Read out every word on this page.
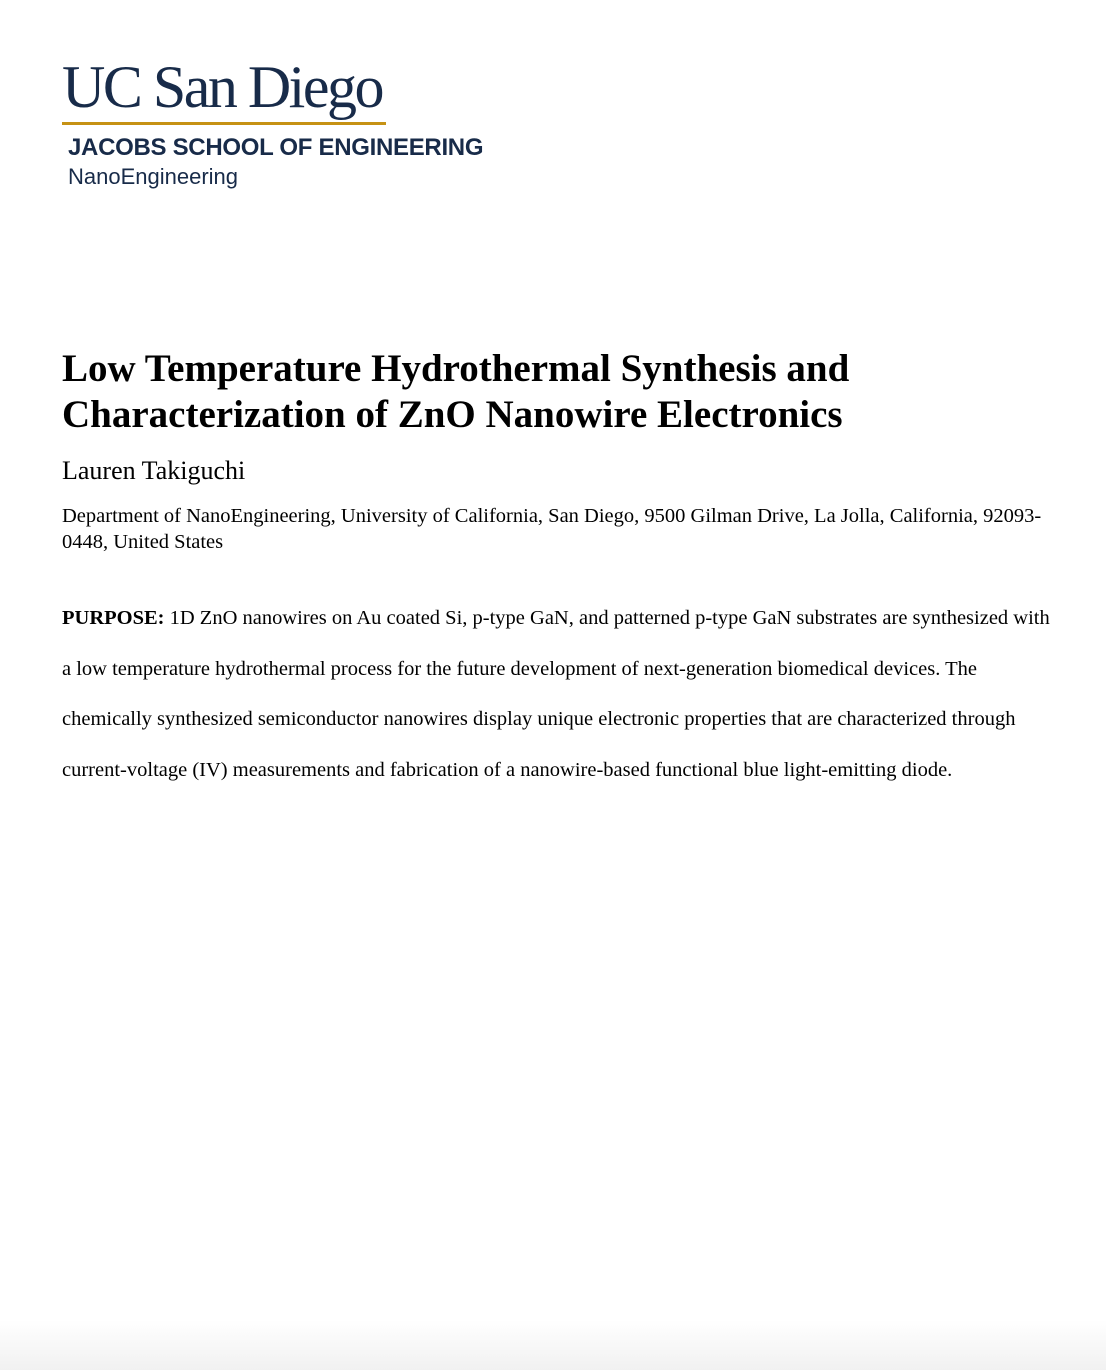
UC San Diego
JACOBS SCHOOL OF ENGINEERING
NanoEngineering
Low Temperature Hydrothermal Synthesis and Characterization of ZnO Nanowire Electronics
Lauren Takiguchi
Department of NanoEngineering, University of California, San Diego, 9500 Gilman Drive, La Jolla, California, 92093-0448, United States

PURPOSE: 1D ZnO nanowires on Au coated Si, p-type GaN, and patterned p-type GaN substrates are synthesized with a low temperature hydrothermal process for the future development of next-generation biomedical devices. The chemically synthesized semiconductor nanowires display unique electronic properties that are characterized through current-voltage (IV) measurements and fabrication of a nanowire-based functional blue light-emitting diode.
